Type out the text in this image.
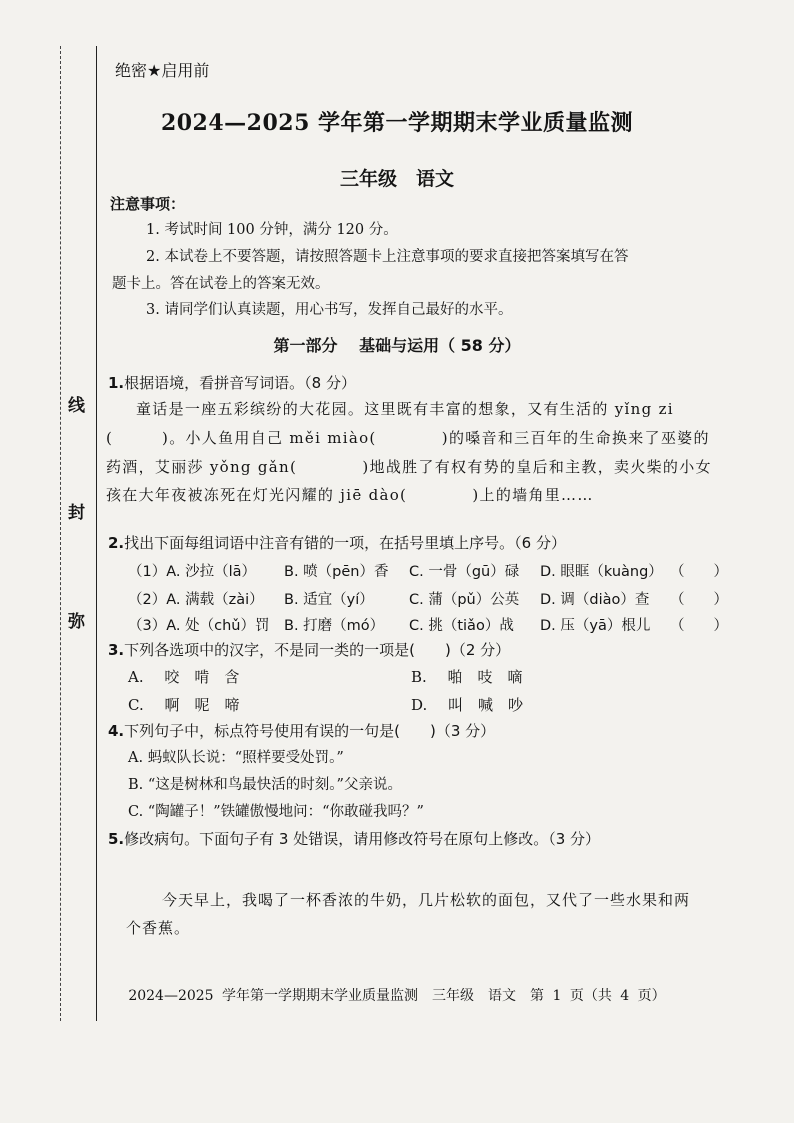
线
封
弥
绝密★启用前
2024—2025 学年第一学期期末学业质量监测
三年级　语文
注意事项：
1. 考试时间 100 分钟，满分 120 分。
2. 本试卷上不要答题，请按照答题卡上注意事项的要求直接把答案填写在答
题卡上。答在试卷上的答案无效。
3. 请同学们认真读题，用心书写，发挥自己最好的水平。
第一部分　 基础与运用（ 58 分）
1.根据语境，看拼音写词语。（8 分）
童话是一座五彩缤纷的大花园。这里既有丰富的想象，又有生活的 yǐng zi (　　　)。小人鱼用自己 měi miào(　　　　)的嗓音和三百年的生命换来了巫婆的药酒，艾丽莎 yǒng gǎn(　　　　)地战胜了有权有势的皇后和主教，卖火柴的小女孩在大年夜被冻死在灯光闪耀的 jiē dào(　　　　)上的墙角里……
2.找出下面每组词语中注音有错的一项，在括号里填上序号。（6 分）
（1）A. 沙拉（lā） B. 喷（pēn）香 C. 一骨（gū）碌 D. 眼眶（kuàng） （　　）
（2）A. 满载（zài） B. 适宜（yí） C. 蒲（pǔ）公英 D. 调（diào）查 （　　）
（3）A. 处（chǔ）罚 B. 打磨（mó） C. 挑（tiǎo）战 D. 压（yā）根儿 （　　）
3.下列各选项中的汉字，不是同一类的一项是(　　)（2 分）
A. 咬　啃　含	B. 啪　吱　嘀
C. 啊　呢　啼	D. 叫　喊　吵
4.下列句子中，标点符号使用有误的一句是(　　)（3 分）
A. 蚂蚁队长说：“照样要受处罚。”
B. “这是树林和鸟最快活的时刻。”父亲说。
C. “陶罐子！”铁罐傲慢地问：“你敢碰我吗？”
5.修改病句。下面句子有 3 处错误，请用修改符号在原句上修改。（3 分）
今天早上，我喝了一杯香浓的牛奶，几片松软的面包，又代了一些水果和两
个香蕉。
2024—2025 学年第一学期期末学业质量监测　三年级　语文　第 1 页（共 4 页）
